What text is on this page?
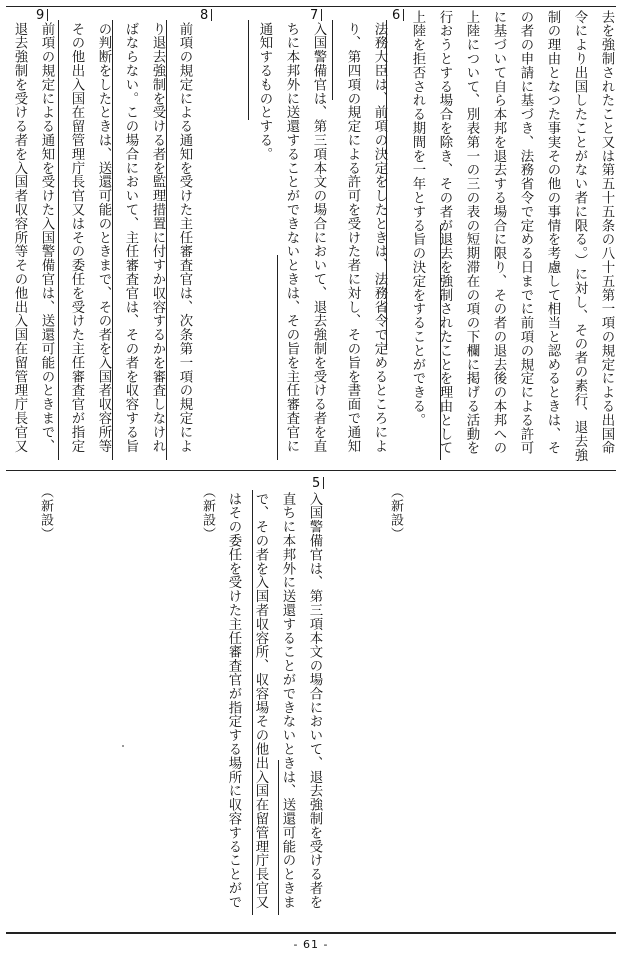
去を強制されたこと又は第五十五条の八十五第一項の規定による出国命令により出国したことがない者に限る。）に対し、その者の素行、退去強制の理由となつた事実その他の事情を考慮して相当と認めるときは、その者の申請に基づき、法務省令で定める日までに前項の規定による許可に基づいて自ら本邦を退去する場合に限り、その者の退去後の本邦への上陸について、別表第一の三の表の短期滞在の項の下欄に掲げる活動を行おうとする場合を除き、その者が退去を強制されたことを理由として上陸を拒否される期間を一年とする旨の決定をすることができる。
6
法務大臣は、前項の決定をしたときは、法務省令で定めるところにより、第四項の規定による許可を受けた者に対し、その旨を書面で通知
7
入国警備官は、第三項本文の場合において、退去強制を受ける者を直ちに本邦外に送還することができないときは、その旨を主任審査官に通知するものとする。
8
前項の規定による通知を受けた主任審査官は、次条第一項の規定により退去強制を受ける者を監理措置に付すか収容するかを審査しなければならない。この場合において、主任審査官は、その者を収容する旨の判断をしたときは、送還可能のときまで、その者を入国者収容所等その他出入国在留管理庁長官又はその委任を受けた主任審査官が指定
9
前項の規定による通知を受けた入国警備官は、送還可能のときまで、退去強制を受ける者を入国者収容所等その他出入国在留管理庁長官又
（新設）
（新設）
（新設）
5
入国警備官は、第三項本文の場合において、退去強制を受ける者を直ちに本邦外に送還することができないときは、送還可能のときまで、その者を入国者収容所、収容場その他出入国在留管理庁長官又はその委任を受けた主任審査官が指定する場所に収容することがで
- 61 -
